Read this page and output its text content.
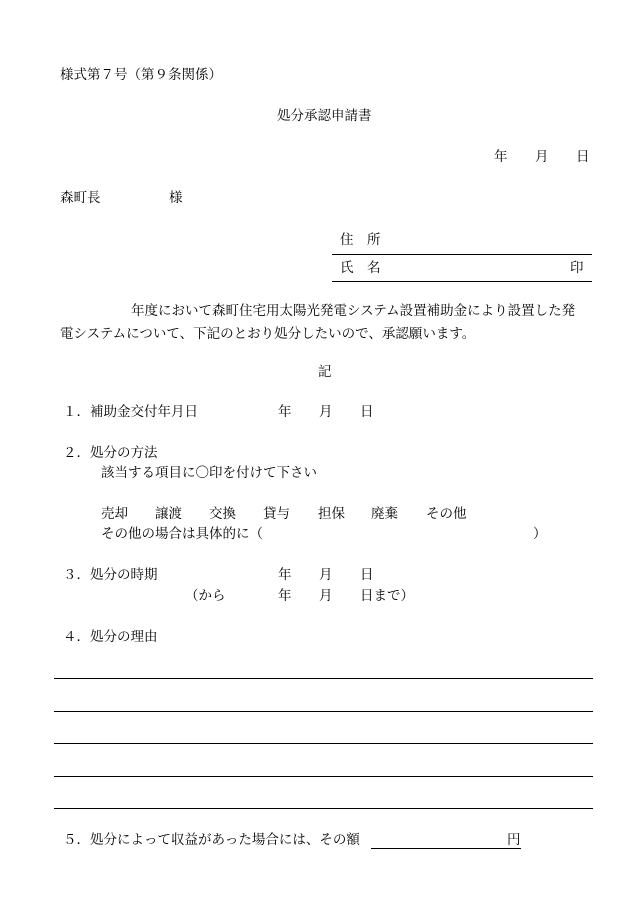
様式第７号（第９条関係）
処分承認申請書
年 月 日
森町長	様
住　所
氏　名	印
年度において森町住宅用太陽光発電システム設置補助金により設置した発
電システムについて、下記のとおり処分したいので、承認願います。
記
１．補助金交付年月日	年 月 日
２．処分の方法
該当する項目に〇印を付けて下さい
売却 譲渡 交換 貸与 担保 廃棄 その他
その他の場合は具体的に（	）
３．処分の時期	年 月 日
（から	年 月 日まで）
４．処分の理由
５．処分によって収益があった場合には、その額	円
